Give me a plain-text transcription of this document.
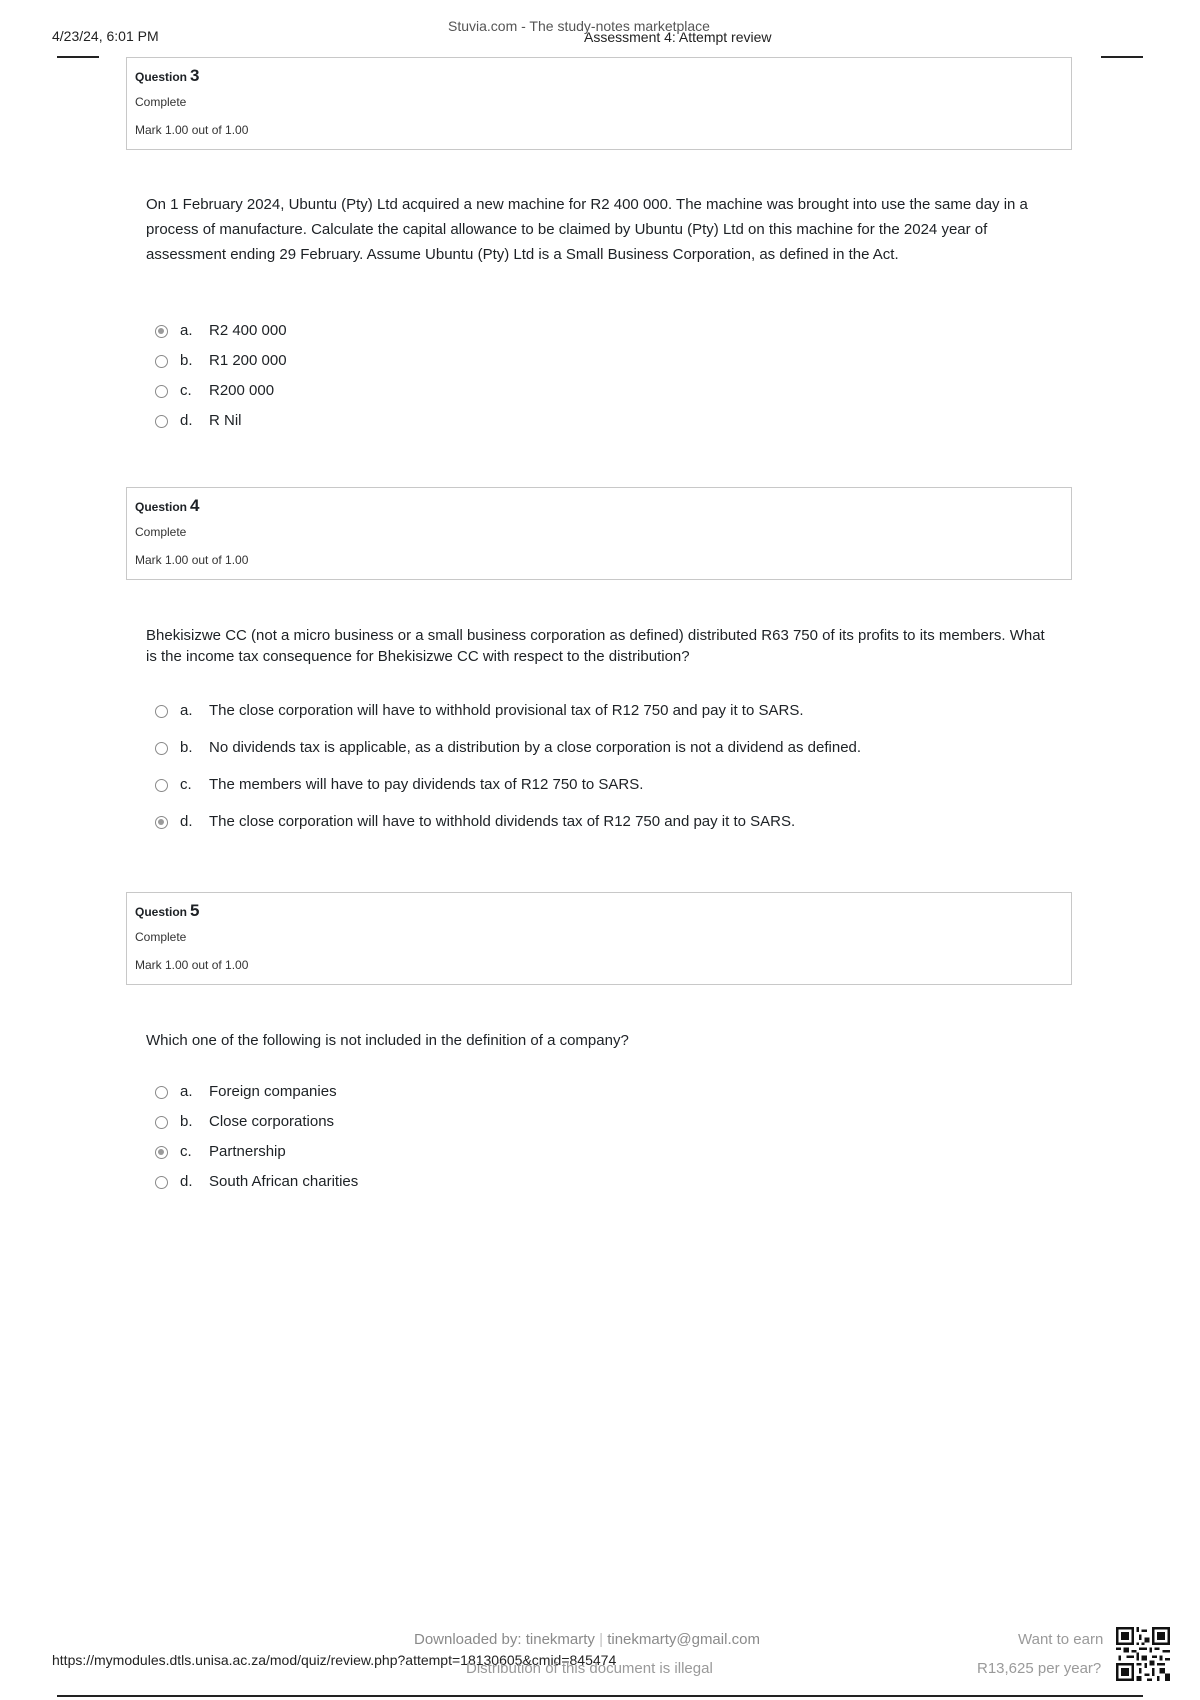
4/23/24, 6:01 PM
Stuvia.com - The study-notes marketplace
Assessment 4: Attempt review
Question 3
Complete
Mark 1.00 out of 1.00
On 1 February 2024, Ubuntu (Pty) Ltd acquired a new machine for R2 400 000. The machine was brought into use the same day in a process of manufacture. Calculate the capital allowance to be claimed by Ubuntu (Pty) Ltd on this machine for the 2024 year of assessment ending 29 February. Assume Ubuntu (Pty) Ltd is a Small Business Corporation, as defined in the Act.
a. R2 400 000
b. R1 200 000
c. R200 000
d. R Nil
Question 4
Complete
Mark 1.00 out of 1.00
Bhekisizwe CC (not a micro business or a small business corporation as defined) distributed R63 750 of its profits to its members. What is the income tax consequence for Bhekisizwe CC with respect to the distribution?
a. The close corporation will have to withhold provisional tax of R12 750 and pay it to SARS.
b. No dividends tax is applicable, as a distribution by a close corporation is not a dividend as defined.
c. The members will have to pay dividends tax of R12 750 to SARS.
d. The close corporation will have to withhold dividends tax of R12 750 and pay it to SARS.
Question 5
Complete
Mark 1.00 out of 1.00
Which one of the following is not included in the definition of a company?
a. Foreign companies
b. Close corporations
c. Partnership
d. South African charities
Downloaded by: tinekmarty | tinekmarty@gmail.com
https://mymodules.dtls.unisa.ac.za/mod/quiz/review.php?attempt=18130605&cmid=845474
Distribution of this document is illegal
Want to earn
R13,625 per year?
